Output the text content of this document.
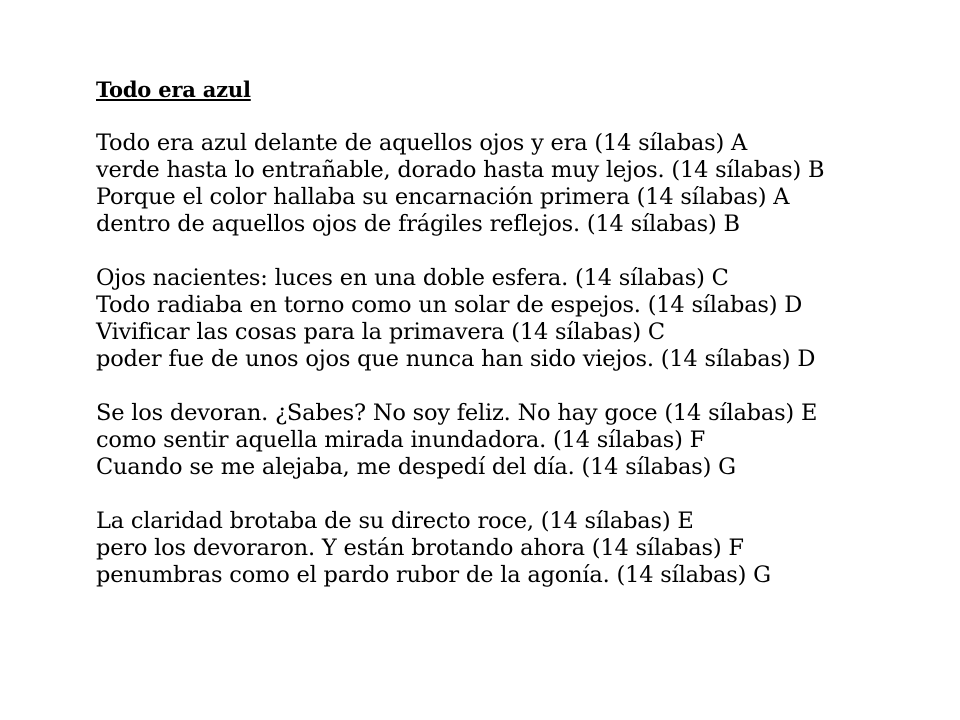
Todo era azul
Todo era azul delante de aquellos ojos y era (14 sílabas) A
verde hasta lo entrañable, dorado hasta muy lejos. (14 sílabas) B
Porque el color hallaba su encarnación primera (14 sílabas) A
dentro de aquellos ojos de frágiles reflejos. (14 sílabas) B
Ojos nacientes: luces en una doble esfera. (14 sílabas) C
Todo radiaba en torno como un solar de espejos. (14 sílabas) D
Vivificar las cosas para la primavera (14 sílabas) C
poder fue de unos ojos que nunca han sido viejos. (14 sílabas) D
Se los devoran. ¿Sabes? No soy feliz. No hay goce (14 sílabas) E
como sentir aquella mirada inundadora. (14 sílabas) F
Cuando se me alejaba, me despedí del día. (14 sílabas) G
La claridad brotaba de su directo roce, (14 sílabas) E
pero los devoraron. Y están brotando ahora (14 sílabas) F
penumbras como el pardo rubor de la agonía. (14 sílabas) G
